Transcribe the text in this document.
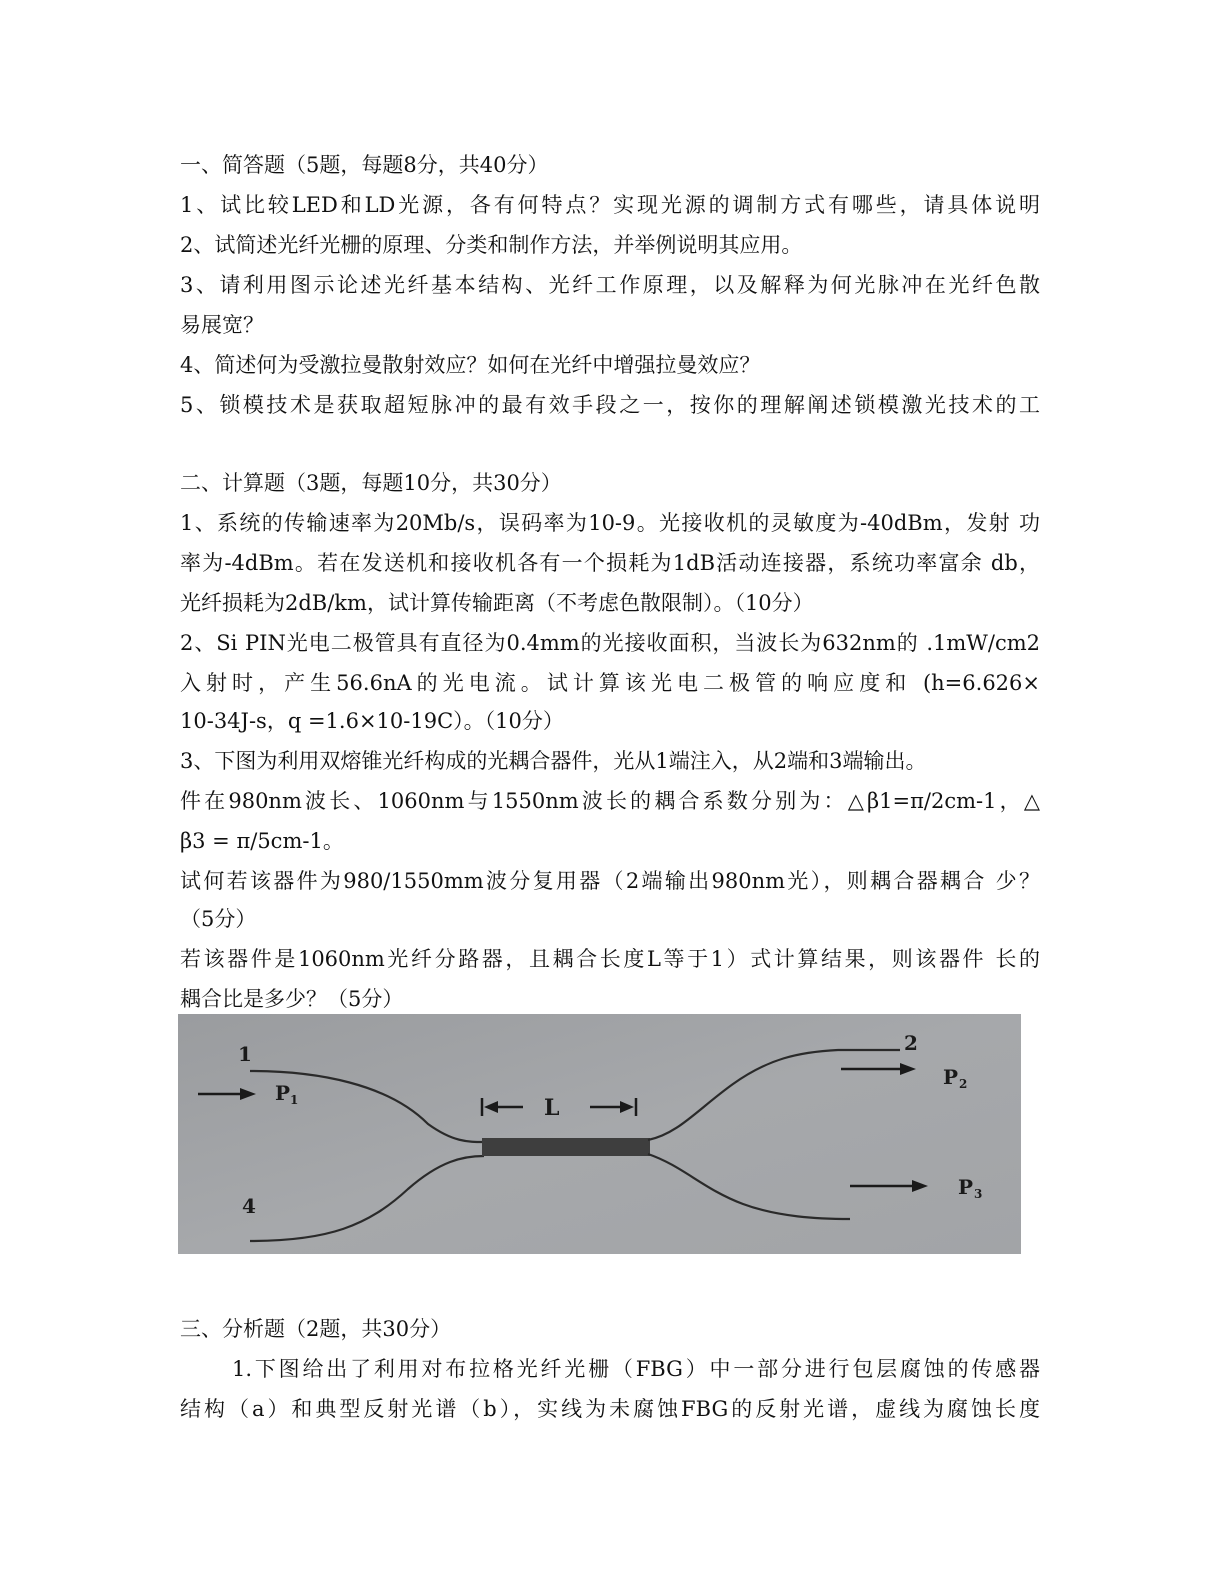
一、简答题（5题，每题8分，共40分）
1、试比较LED和LD光源，各有何特点？实现光源的调制方式有哪些，请具体说明
2、试简述光纤光栅的原理、分类和制作方法，并举例说明其应用。
3、请利用图示论述光纤基本结构、光纤工作原理，以及解释为何光脉冲在光纤色散
易展宽？
4、简述何为受激拉曼散射效应？如何在光纤中增强拉曼效应？
5、锁模技术是获取超短脉冲的最有效手段之一，按你的理解阐述锁模激光技术的工
二、计算题（3题，每题10分，共30分）
1、系统的传输速率为20Mb/s，误码率为10-9。光接收机的灵敏度为-40dBm，发射 功
率为-4dBm。若在发送机和接收机各有一个损耗为1dB活动连接器，系统功率富余 db，
光纤损耗为2dB/km，试计算传输距离（不考虑色散限制）。（10分）
2、Si PIN光电二极管具有直径为0.4mm的光接收面积，当波长为632nm的 .1mW/cm2
入射时，产生56.6nA的光电流。试计算该光电二极管的响应度和 (h=6.626×
10-34J-s，q =1.6×10-19C）。（10分）
3、下图为利用双熔锥光纤构成的光耦合器件，光从1端注入，从2端和3端输出。
件在980nm波长、1060nm与1550nm波长的耦合系数分别为：△β1=π/2cm-1，△
β3 = π/5cm-1。
试何若该器件为980/1550mm波分复用器（2端输出980nm光），则耦合器耦合 少？
（5分）
若该器件是1060nm光纤分路器，且耦合长度L等于1）式计算结果，则该器件 长的
耦合比是多少？（5分）
1
4
2
P 1
P 2
P 3
L
三、分析题（2题，共30分）
1.下图给出了利用对布拉格光纤光栅（FBG）中一部分进行包层腐蚀的传感器
结构（a）和典型反射光谱（b），实线为未腐蚀FBG的反射光谱，虚线为腐蚀长度
